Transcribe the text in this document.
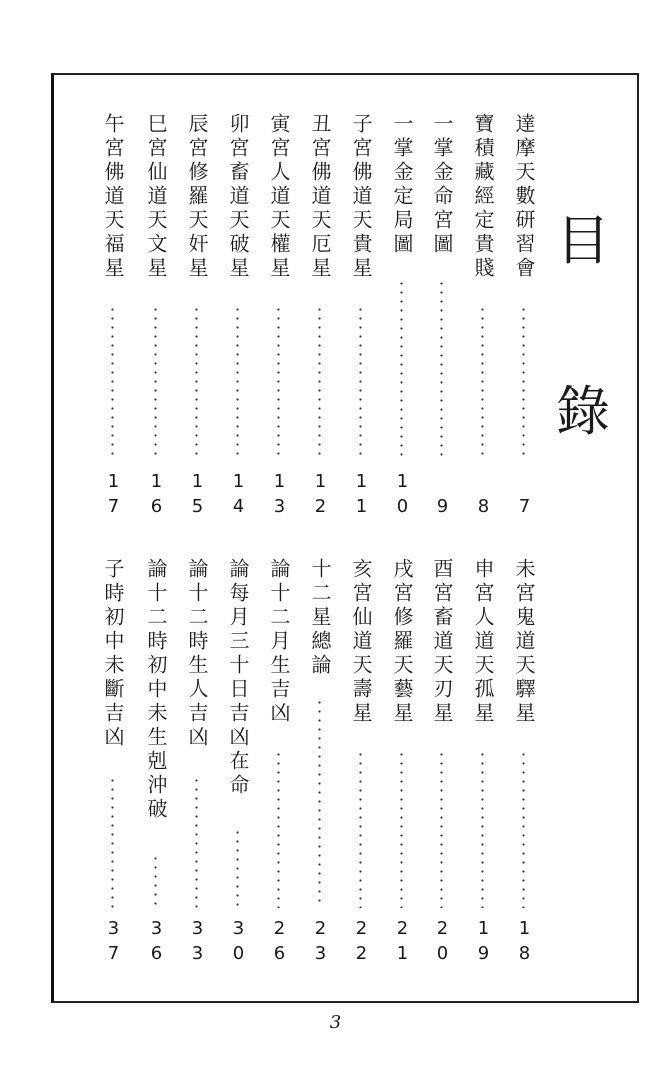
目
錄
達摩天數研習會
7
寶積藏經定貴賤
8
一掌金命宮圖
9
一掌金定局圖
10
子宮佛道天貴星
11
丑宮佛道天厄星
12
寅宮人道天權星
13
卯宮畜道天破星
14
辰宮修羅天奸星
15
巳宮仙道天文星
16
午宮佛道天福星
17
未宮鬼道天驛星
18
申宮人道天孤星
19
酉宮畜道天刃星
20
戌宮修羅天藝星
21
亥宮仙道天壽星
22
十二星總論
23
論十二月生吉凶
26
論每月三十日吉凶在命
30
論十二時生人吉凶
33
論十二時初中未生剋沖破
36
子時初中未斷吉凶
37
3
